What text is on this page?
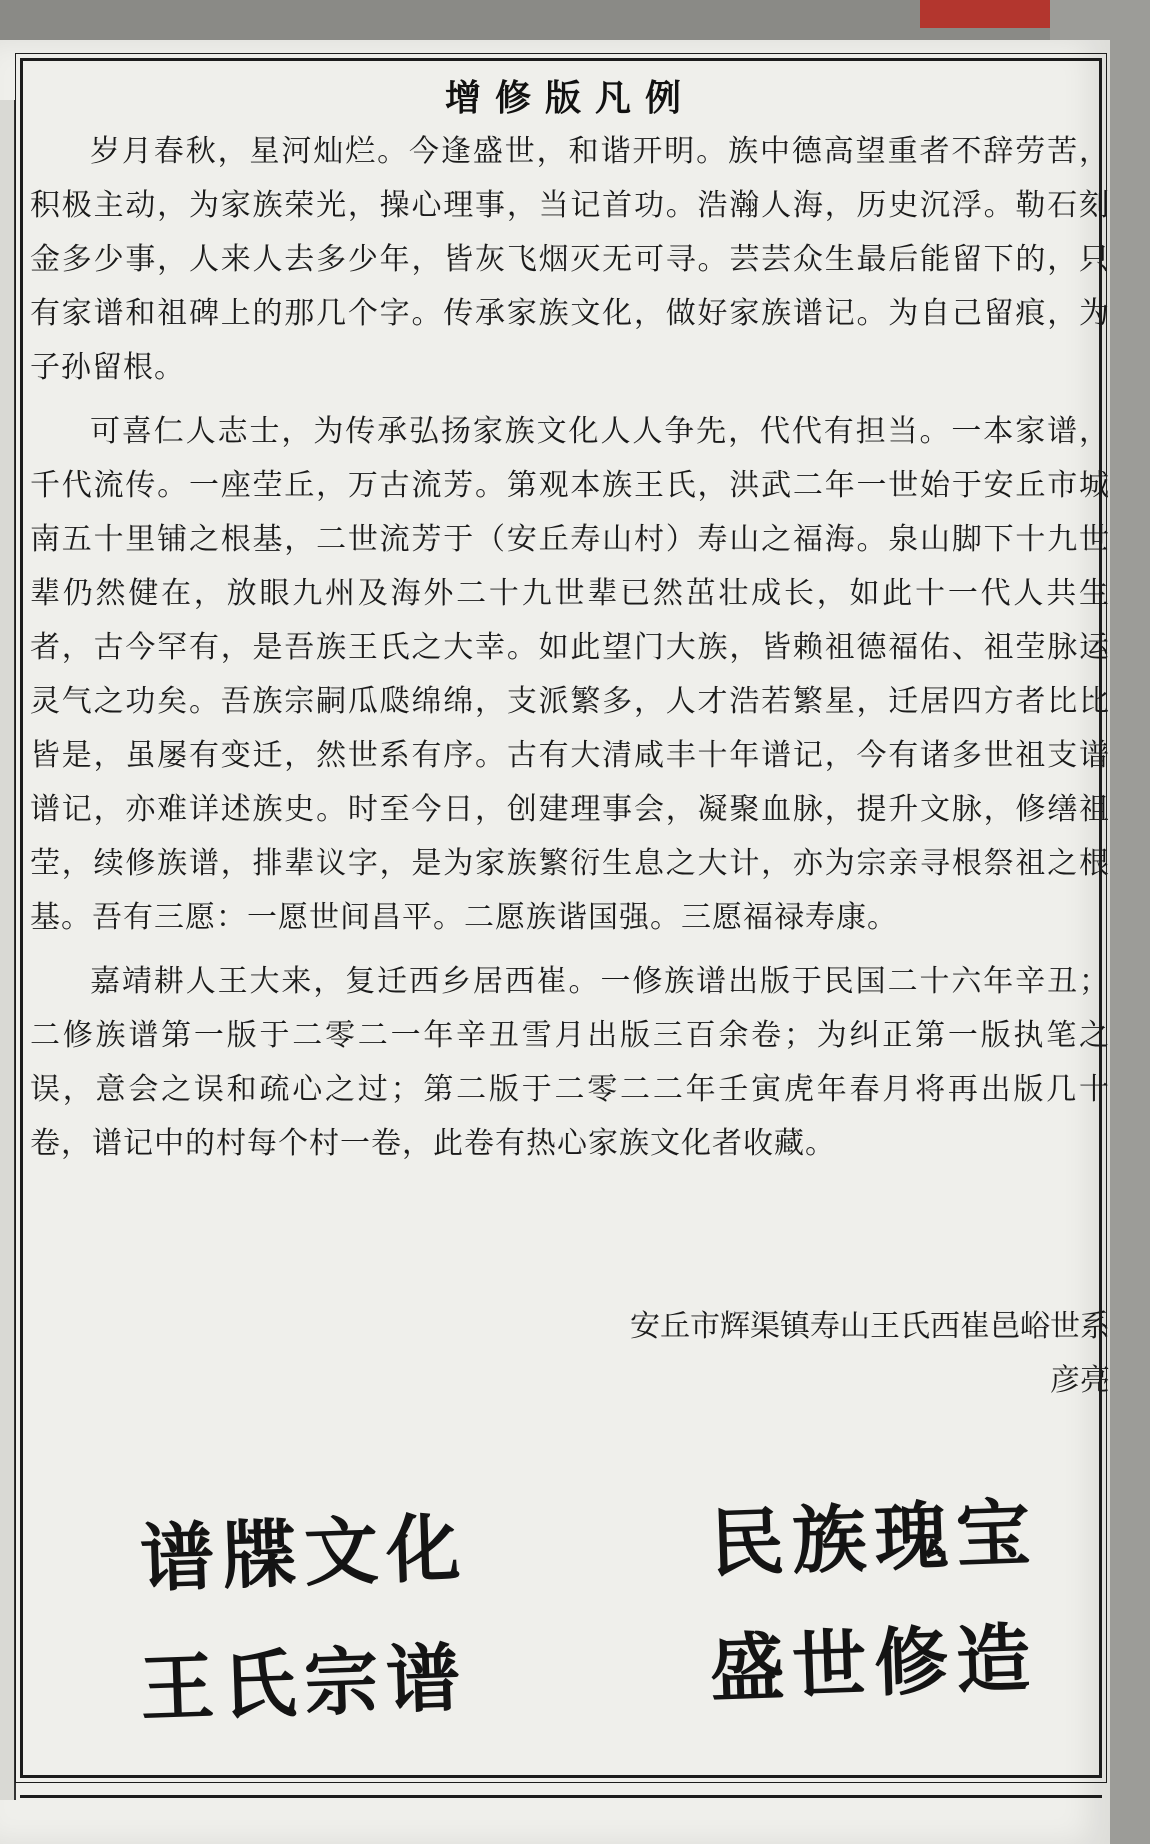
增修版凡例

岁月春秋，星河灿烂。今逢盛世，和谐开明。族中德高望重者不辞劳苦，积极主动，为家族荣光，操心理事，当记首功。浩瀚人海，历史沉浮。勒石刻金多少事，人来人去多少年，皆灰飞烟灭无可寻。芸芸众生最后能留下的，只有家谱和祖碑上的那几个字。传承家族文化，做好家族谱记。为自己留痕，为子孙留根。

可喜仁人志士，为传承弘扬家族文化人人争先，代代有担当。一本家谱，千代流传。一座茔丘，万古流芳。第观本族王氏，洪武二年一世始于安丘市城南五十里铺之根基，二世流芳于（安丘寿山村）寿山之福海。泉山脚下十九世辈仍然健在，放眼九州及海外二十九世辈已然茁壮成长，如此十一代人共生者，古今罕有，是吾族王氏之大幸。如此望门大族，皆赖祖德福佑、祖茔脉运灵气之功矣。吾族宗嗣瓜瓞绵绵，支派繁多，人才浩若繁星，迁居四方者比比皆是，虽屡有变迁，然世系有序。古有大清咸丰十年谱记，今有诸多世祖支谱谱记，亦难详述族史。时至今日，创建理事会，凝聚血脉，提升文脉，修缮祖茔，续修族谱，排辈议字，是为家族繁衍生息之大计，亦为宗亲寻根祭祖之根基。吾有三愿：一愿世间昌平。二愿族谐国强。三愿福禄寿康。

嘉靖耕人王大来，复迁西乡居西崔。一修族谱出版于民国二十六年辛丑；二修族谱第一版于二零二一年辛丑雪月出版三百余卷；为纠正第一版执笔之误，意会之误和疏心之过；第二版于二零二二年壬寅虎年春月将再出版几十卷，谱记中的村每个村一卷，此卷有热心家族文化者收藏。

安丘市辉渠镇寿山王氏西崔邑峪世系
彦亮
谱牒文化	民族瑰宝
王氏宗谱	盛世修造
